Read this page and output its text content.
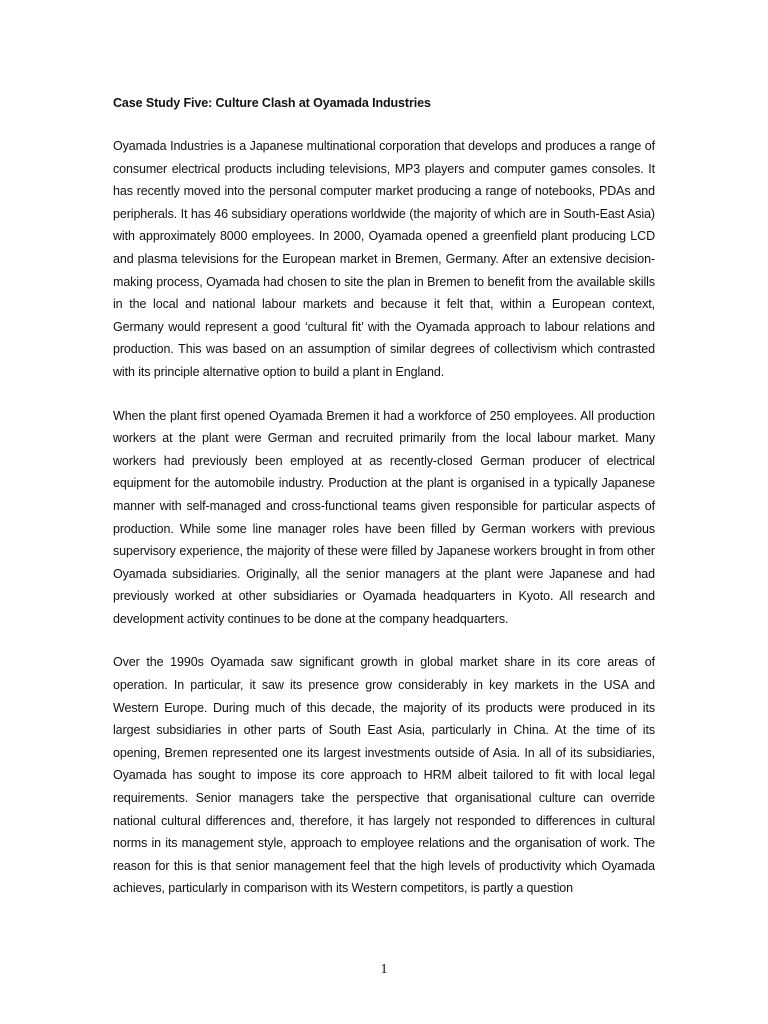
Case Study Five: Culture Clash at Oyamada Industries

Oyamada Industries is a Japanese multinational corporation that develops and produces a range of consumer electrical products including televisions, MP3 players and computer games consoles. It has recently moved into the personal computer market producing a range of notebooks, PDAs and peripherals. It has 46 subsidiary operations worldwide (the majority of which are in South-East Asia) with approximately 8000 employees. In 2000, Oyamada opened a greenfield plant producing LCD and plasma televisions for the European market in Bremen, Germany. After an extensive decision-making process, Oyamada had chosen to site the plan in Bremen to benefit from the available skills in the local and national labour markets and because it felt that, within a European context, Germany would represent a good ‘cultural fit’ with the Oyamada approach to labour relations and production. This was based on an assumption of similar degrees of collectivism which contrasted with its principle alternative option to build a plant in England.

When the plant first opened Oyamada Bremen it had a workforce of 250 employees. All production workers at the plant were German and recruited primarily from the local labour market. Many workers had previously been employed at as recently-closed German producer of electrical equipment for the automobile industry. Production at the plant is organised in a typically Japanese manner with self-managed and cross-functional teams given responsible for particular aspects of production. While some line manager roles have been filled by German workers with previous supervisory experience, the majority of these were filled by Japanese workers brought in from other Oyamada subsidiaries. Originally, all the senior managers at the plant were Japanese and had previously worked at other subsidiaries or Oyamada headquarters in Kyoto. All research and development activity continues to be done at the company headquarters.

Over the 1990s Oyamada saw significant growth in global market share in its core areas of operation. In particular, it saw its presence grow considerably in key markets in the USA and Western Europe. During much of this decade, the majority of its products were produced in its largest subsidiaries in other parts of South East Asia, particularly in China. At the time of its opening, Bremen represented one its largest investments outside of Asia. In all of its subsidiaries, Oyamada has sought to impose its core approach to HRM albeit tailored to fit with local legal requirements. Senior managers take the perspective that organisational culture can override national cultural differences and, therefore, it has largely not responded to differences in cultural norms in its management style, approach to employee relations and the organisation of work. The reason for this is that senior management feel that the high levels of productivity which Oyamada achieves, particularly in comparison with its Western competitors, is partly a question

1
